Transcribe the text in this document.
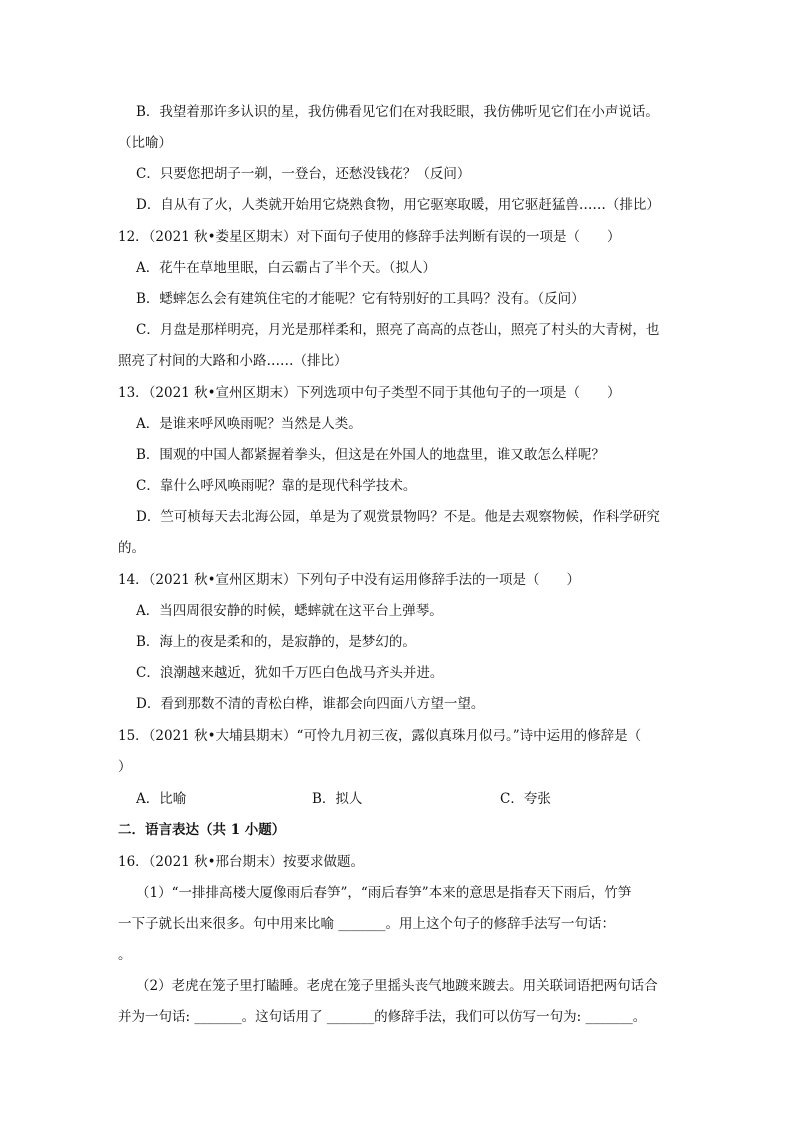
B．我望着那许多认识的星，我仿佛看见它们在对我眨眼，我仿佛听见它们在小声说话。
（比喻）
C．只要您把胡子一剃，一登台，还愁没钱花？（反问）
D．自从有了火，人类就开始用它烧熟食物，用它驱寒取暖，用它驱赶猛兽……（排比）
12．（2021 秋•娄星区期末）对下面句子使用的修辞手法判断有误的一项是（　　）
A．花牛在草地里眠，白云霸占了半个天。（拟人）
B．蟋蟀怎么会有建筑住宅的才能呢？它有特别好的工具吗？没有。（反问）
C．月盘是那样明亮，月光是那样柔和，照亮了高高的点苍山，照亮了村头的大青树，也
照亮了村间的大路和小路……（排比）
13．（2021 秋•宣州区期末）下列选项中句子类型不同于其他句子的一项是（　　）
A．是谁来呼风唤雨呢？当然是人类。
B．围观的中国人都紧握着拳头，但这是在外国人的地盘里，谁又敢怎么样呢？
C．靠什么呼风唤雨呢？靠的是现代科学技术。
D．竺可桢每天去北海公园，单是为了观赏景物吗？不是。他是去观察物候，作科学研究
的。
14．（2021 秋•宣州区期末）下列句子中没有运用修辞手法的一项是（　　）
A．当四周很安静的时候，蟋蟀就在这平台上弹琴。
B．海上的夜是柔和的，是寂静的，是梦幻的。
C．浪潮越来越近，犹如千万匹白色战马齐头并进。
D．看到那数不清的青松白桦，谁都会向四面八方望一望。
15．（2021 秋•大埔县期末）“可怜九月初三夜，露似真珠月似弓。”诗中运用的修辞是（
）
A．比喻	B．拟人	C．夸张
二．语言表达（共 1 小题）
16．（2021 秋•邢台期末）按要求做题。
（1）“一排排高楼大厦像雨后春笋”，“雨后春笋”本来的意思是指春天下雨后，竹笋
一下子就长出来很多。句中用来比喻 _______。用上这个句子的修辞手法写一句话：
。
（2）老虎在笼子里打瞌睡。老虎在笼子里摇头丧气地踱来踱去。用关联词语把两句话合
并为一句话: _______。这句话用了 _______的修辞手法，我们可以仿写一句为: _______。
